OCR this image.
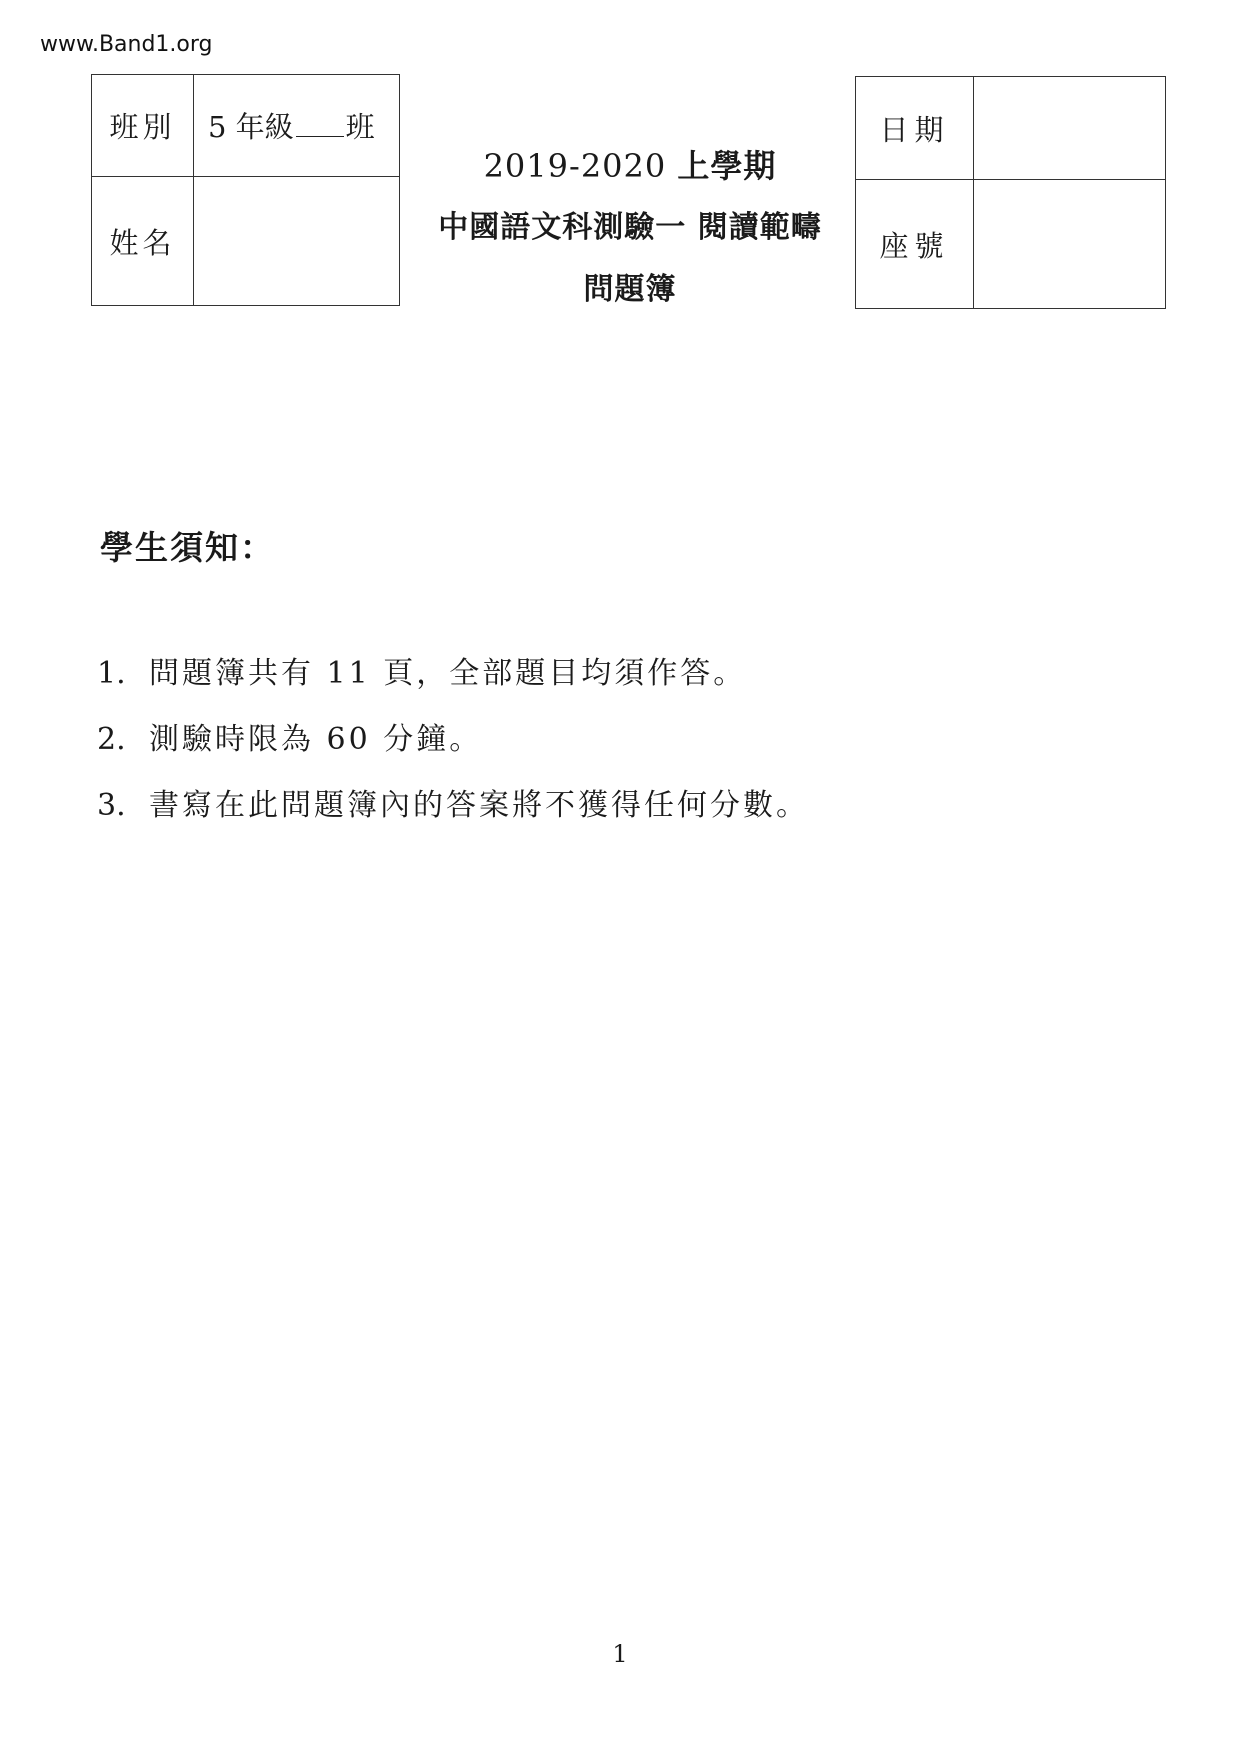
www.Band1.org
班別	5 年級 班
姓名	
2019-2020 上學期
中國語文科測驗一 閱讀範疇
問題簿
日期	
座號	
學生須知：
1. 問題簿共有 11 頁，全部題目均須作答。
2. 測驗時限為 60 分鐘。
3. 書寫在此問題簿內的答案將不獲得任何分數。
1
